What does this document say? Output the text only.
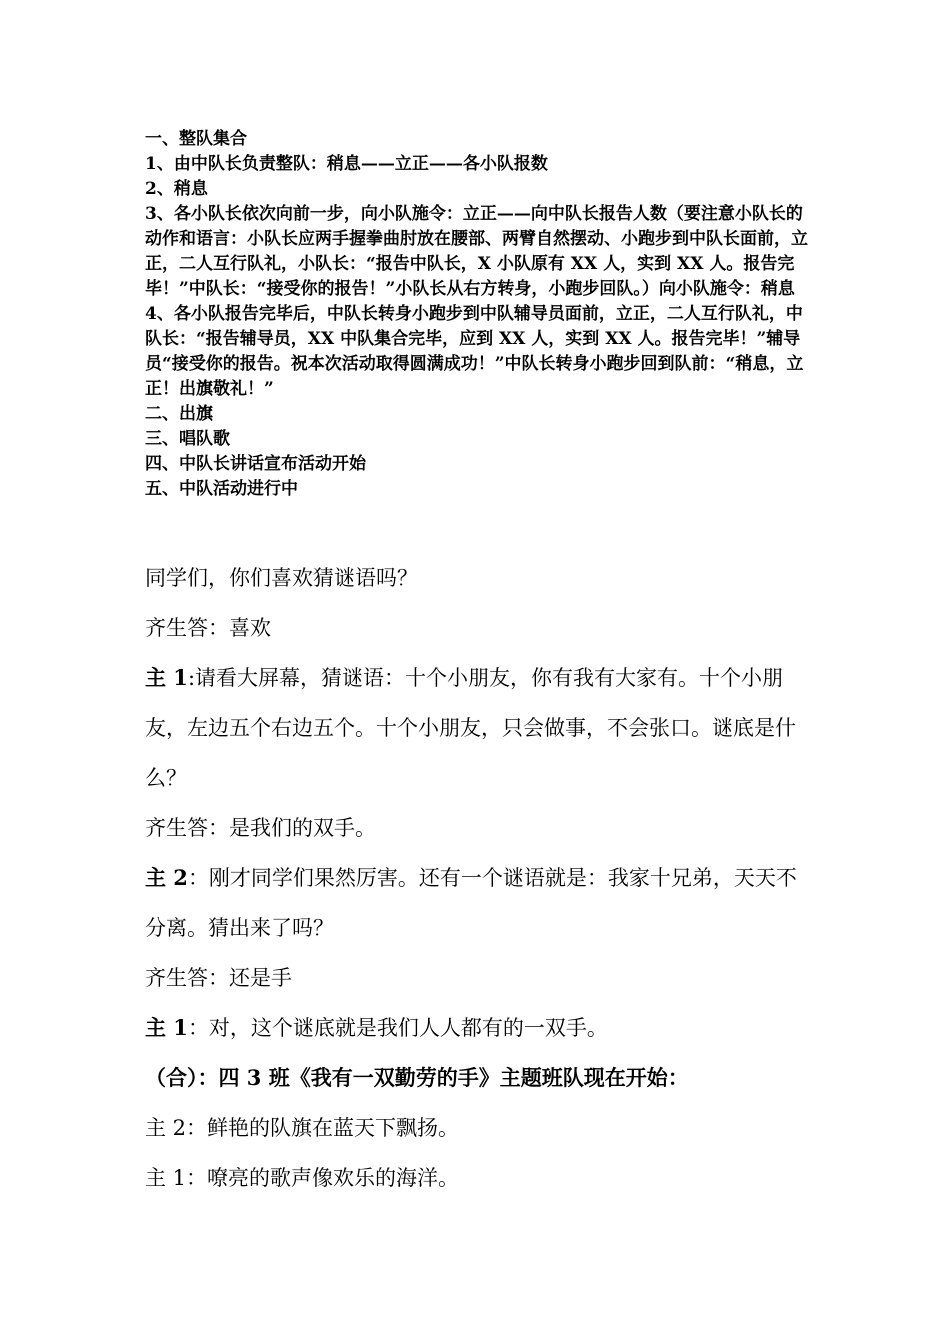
一、整队集合

1、由中队长负责整队：稍息——立正——各小队报数

2、稍息

3、各小队长依次向前一步，向小队施令：立正——向中队长报告人数（要注意小队长的动作和语言：小队长应两手握拳曲肘放在腰部、两臂自然摆动、小跑步到中队长面前，立正，二人互行队礼，小队长：“报告中队长，X 小队原有 XX 人，实到 XX 人。报告完毕！”中队长：“接受你的报告！”小队长从右方转身，小跑步回队。）向小队施令：稍息

4、各小队报告完毕后，中队长转身小跑步到中队辅导员面前，立正，二人互行队礼，中队长：“报告辅导员，XX 中队集合完毕，应到 XX 人，实到 XX 人。报告完毕！”辅导员“接受你的报告。祝本次活动取得圆满成功！”中队长转身小跑步回到队前：“稍息，立正！出旗敬礼！”

二、出旗

三、唱队歌

四、中队长讲话宣布活动开始

五、中队活动进行中

同学们，你们喜欢猜谜语吗？

齐生答：喜欢

主 1:请看大屏幕，猜谜语：十个小朋友，你有我有大家有。十个小朋友，左边五个右边五个。十个小朋友，只会做事，不会张口。谜底是什么？

齐生答：是我们的双手。

主 2：刚才同学们果然厉害。还有一个谜语就是：我家十兄弟，天天不分离。猜出来了吗？

齐生答：还是手

主 1：对，这个谜底就是我们人人都有的一双手。

（合）：四 3 班《我有一双勤劳的手》主题班队现在开始：

主 2：鲜艳的队旗在蓝天下飘扬。

主 1：嘹亮的歌声像欢乐的海洋。
